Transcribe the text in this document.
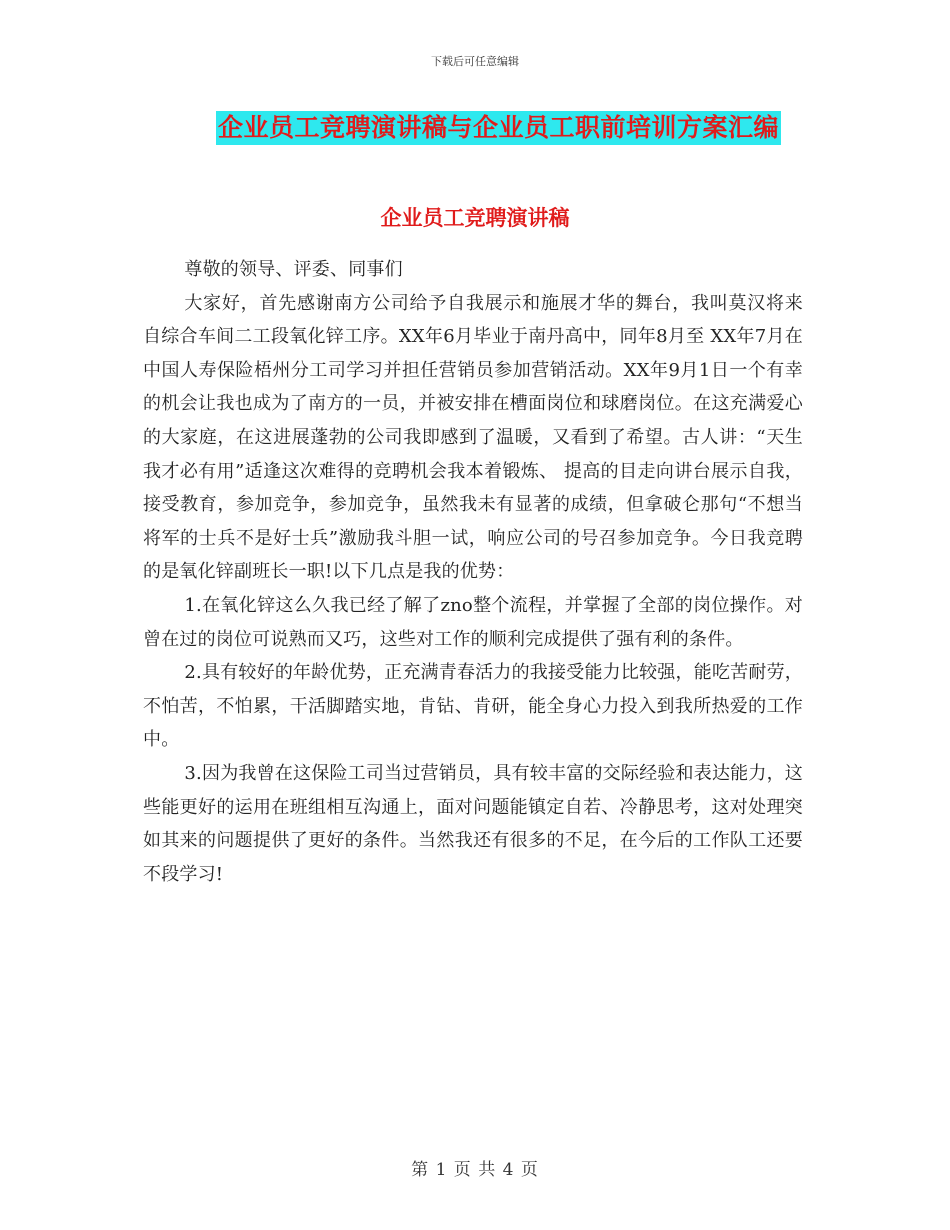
下载后可任意编辑
企业员工竞聘演讲稿与企业员工职前培训方案汇编
企业员工竞聘演讲稿

尊敬的领导、评委、同事们

大家好，首先感谢南方公司给予自我展示和施展才华的舞台，我叫莫汉将来自综合车间二工段氧化锌工序。XX年6月毕业于南丹高中，同年8月至 XX年7月在中国人寿保险梧州分工司学习并担任营销员参加营销活动。XX年9月1日一个有幸的机会让我也成为了南方的一员，并被安排在槽面岗位和球磨岗位。在这充满爱心的大家庭，在这进展蓬勃的公司我即感到了温暖，又看到了希望。古人讲：“天生我才必有用”适逢这次难得的竞聘机会我本着锻炼、 提高的目走向讲台展示自我，接受教育，参加竞争，参加竞争，虽然我未有显著的成绩，但拿破仑那句“不想当将军的士兵不是好士兵”激励我斗胆一试，响应公司的号召参加竞争。今日我竞聘的是氧化锌副班长一职!以下几点是我的优势：

1.在氧化锌这么久我已经了解了zno整个流程，并掌握了全部的岗位操作。对曾在过的岗位可说熟而又巧，这些对工作的顺利完成提供了强有利的条件。

2.具有较好的年龄优势，正充满青春活力的我接受能力比较强，能吃苦耐劳，不怕苦，不怕累，干活脚踏实地，肯钻、肯研，能全身心力投入到我所热爱的工作中。

3.因为我曾在这保险工司当过营销员，具有较丰富的交际经验和表达能力，这些能更好的运用在班组相互沟通上，面对问题能镇定自若、冷静思考，这对处理突如其来的问题提供了更好的条件。当然我还有很多的不足，在今后的工作队工还要不段学习!

第 1 页 共 4 页
